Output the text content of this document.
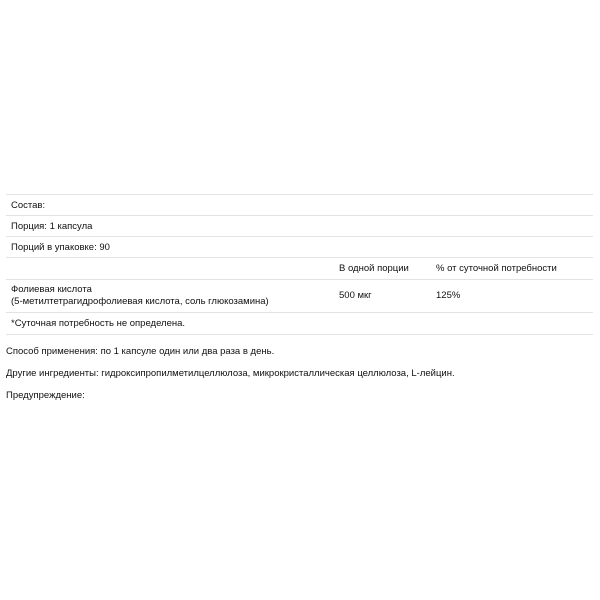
Состав:
Порция: 1 капсула
Порций в упаковке: 90
В одной порции	% от суточной потребности
Фолиевая кислота
(5-метилтетрагидрофолиевая кислота, соль глюкозамина)
500 мкг	125%
*Суточная потребность не определена.
Способ применения: по 1 капсуле один или два раза в день.
Другие ингредиенты: гидроксипропилметилцеллюлоза, микрокристаллическая целлюлоза, L-лейцин.
Предупреждение:
